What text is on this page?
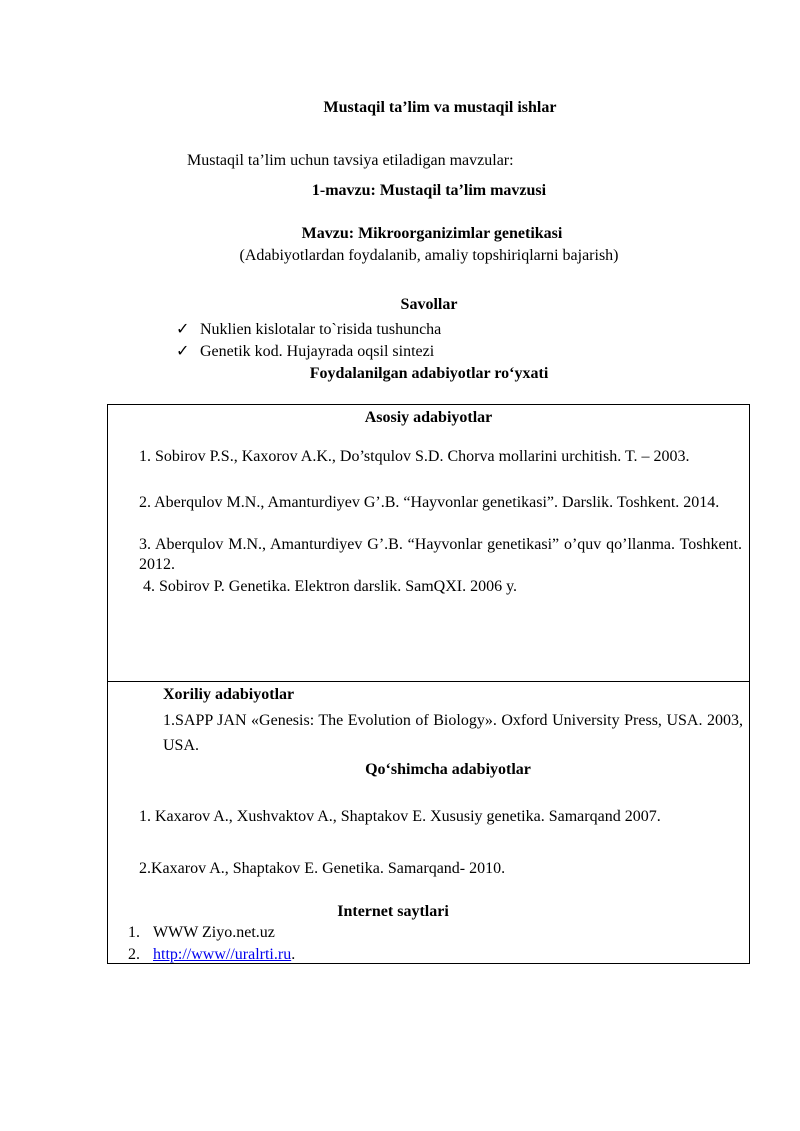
Mustaqil ta’lim va mustaqil ishlar
Mustaqil ta’lim uchun tavsiya etiladigan mavzular:
1-mavzu: Mustaqil ta’lim mavzusi
Mavzu: Mikroorganizimlar genetikasi
(Adabiyotlardan foydalanib, amaliy topshiriqlarni bajarish)
Savollar
✓ Nuklien kislotalar to`risida tushuncha
✓ Genetik kod. Hujayrada oqsil sintezi
Foydalanilgan adabiyotlar ro‘yxati
Asosiy adabiyotlar
1. Sobirov P.S., Kaxorov A.K., Do’stqulov S.D. Chorva mollarini urchitish. T. – 2003.
2. Aberqulov M.N., Amanturdiyev G’.B. “Hayvonlar genetikasi”. Darslik. Toshkent. 2014.
3. Aberqulov M.N., Amanturdiyev G’.B. “Hayvonlar genetikasi” o’quv qo’llanma. Toshkent. 2012.
4. Sobirov P. Genetika. Elektron darslik. SamQXI. 2006 y.
Xoriliy adabiyotlar
1.SAPP JAN «Genesis: The Evolution of Biology». Oxford University Press, USA. 2003, USA.
Qo‘shimcha adabiyotlar
1. Kaxarov A., Xushvaktov A., Shaptakov E. Xususiy genetika. Samarqand 2007.
2.Kaxarov A., Shaptakov E. Genetika. Samarqand- 2010.
Internet saytlari
1. WWW Ziyo.net.uz
2. http://www//uralrti.ru.
